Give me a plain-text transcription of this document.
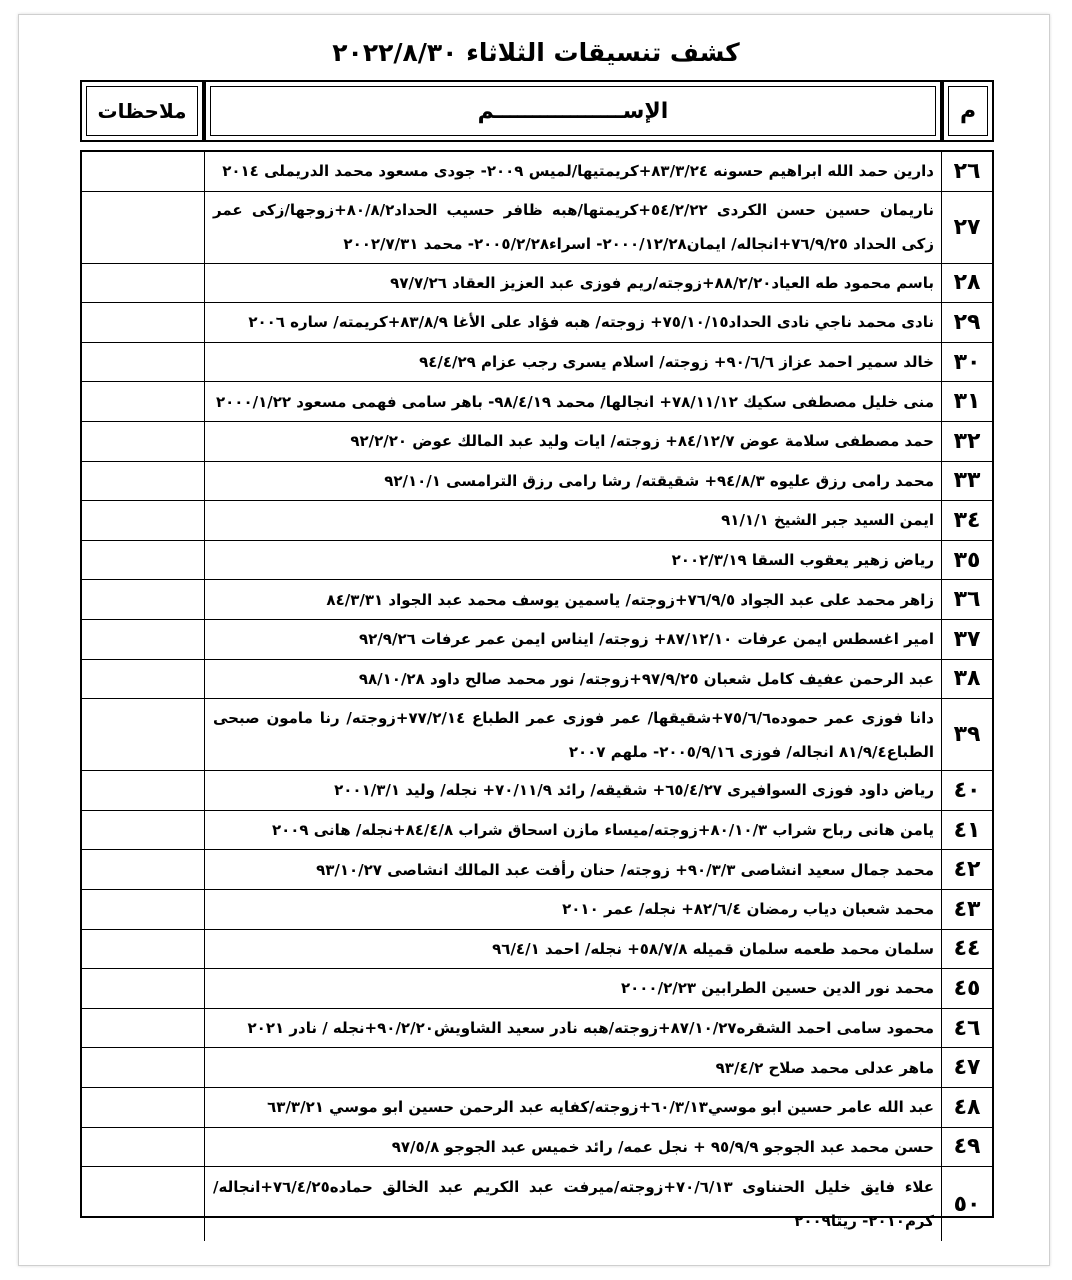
كشف تنسيقات الثلاثاء ٢٠٢٢/٨/٣٠
م
الإســـــــــــــــــم
ملاحظات
٢٦
دارين حمد الله ابراهيم حسونه ٨٣/٣/٢٤+كريمتيها/لميس ٢٠٠٩- جودى مسعود محمد الدريملى ٢٠١٤
٢٧
ناريمان حسين حسن الكردى ٥٤/٢/٢٢+كريمتها/هبه ظافر حسيب الحداد٨٠/٨/٢+زوجها/زكى عمر زكى الحداد ٧٦/٩/٢٥+انجاله/ ايمان٢٠٠٠/١٢/٢٨- اسراء٢٠٠٥/٢/٢٨- محمد ٢٠٠٢/٧/٣١
٢٨
باسم محمود طه العياد٨٨/٢/٢٠+زوجته/ريم فوزى عبد العزيز العقاد ٩٧/٧/٢٦
٢٩
نادى محمد ناجي نادى الحداد٧٥/١٠/١٥+ زوجته/ هبه فؤاد على الأغا ٨٣/٨/٩+كريمته/ ساره ٢٠٠٦
٣٠
خالد سمير احمد عزاز ٩٠/٦/٦+ زوجته/ اسلام يسرى رجب عزام ٩٤/٤/٢٩
٣١
منى خليل مصطفى سكيك ٧٨/١١/١٢+ انجالها/ محمد ٩٨/٤/١٩- باهر سامى فهمى مسعود ٢٠٠٠/١/٢٢
٣٢
حمد مصطفى سلامة عوض ٨٤/١٢/٧+ زوجته/ ايات وليد عبد المالك عوض ٩٢/٢/٢٠
٣٣
محمد رامى رزق عليوه ٩٤/٨/٣+ شقيقته/ رشا رامى رزق الترامسى ٩٢/١٠/١
٣٤
ايمن السيد جبر الشيخ ٩١/١/١
٣٥
رياض زهير يعقوب السقا ٢٠٠٢/٣/١٩
٣٦
زاهر محمد على عبد الجواد ٧٦/٩/٥+زوجته/ ياسمين يوسف محمد عبد الجواد ٨٤/٣/٣١
٣٧
امير اغسطس ايمن عرفات ٨٧/١٢/١٠+ زوجته/ ايناس ايمن عمر عرفات ٩٢/٩/٢٦
٣٨
عبد الرحمن عفيف كامل شعبان ٩٧/٩/٢٥+زوجته/ نور محمد صالح داود ٩٨/١٠/٢٨
٣٩
دانا فوزى عمر حموده٧٥/٦/٦+شقيقها/ عمر فوزى عمر الطباع ٧٧/٢/١٤+زوجته/ رنا مامون صبحى الطباع٨١/٩/٤ انجاله/ فوزى ٢٠٠٥/٩/١٦- ملهم ٢٠٠٧
٤٠
رياض داود فوزى السوافيرى ٦٥/٤/٢٧+ شقيقه/ رائد ٧٠/١١/٩+ نجله/ وليد ٢٠٠١/٣/١
٤١
يامن هانى رباح شراب ٨٠/١٠/٣+زوجته/ميساء مازن اسحاق شراب ٨٤/٤/٨+نجله/ هانى ٢٠٠٩
٤٢
محمد جمال سعيد انشاصى ٩٠/٣/٣+ زوجته/ حنان رأفت عبد المالك انشاصى ٩٣/١٠/٢٧
٤٣
محمد شعبان دياب رمضان ٨٢/٦/٤+ نجله/ عمر ٢٠١٠
٤٤
سلمان محمد طعمه سلمان قميله ٥٨/٧/٨+ نجله/ احمد ٩٦/٤/١
٤٥
محمد نور الدين حسين الطرابين ٢٠٠٠/٢/٢٣
٤٦
محمود سامى احمد الشقره٨٧/١٠/٢٧+زوجته/هبه نادر سعيد الشاويش٩٠/٢/٢٠+نجله / نادر ٢٠٢١
٤٧
ماهر عدلى محمد صلاح ٩٣/٤/٢
٤٨
عبد الله عامر حسين ابو موسي٦٠/٣/١٣+زوجته/كفايه عبد الرحمن حسين ابو موسي ٦٣/٣/٢١
٤٩
حسن محمد عبد الجوجو ٩٥/٩/٩ + نجل عمه/ رائد خميس عبد الجوجو ٩٧/٥/٨
٥٠
علاء فايق خليل الحنناوى ٧٠/٦/١٣+زوجته/ميرفت عبد الكريم عبد الخالق حماده٧٦/٤/٢٥+انجاله/كرم٢٠١٠- ريتا٢٠٠٩
